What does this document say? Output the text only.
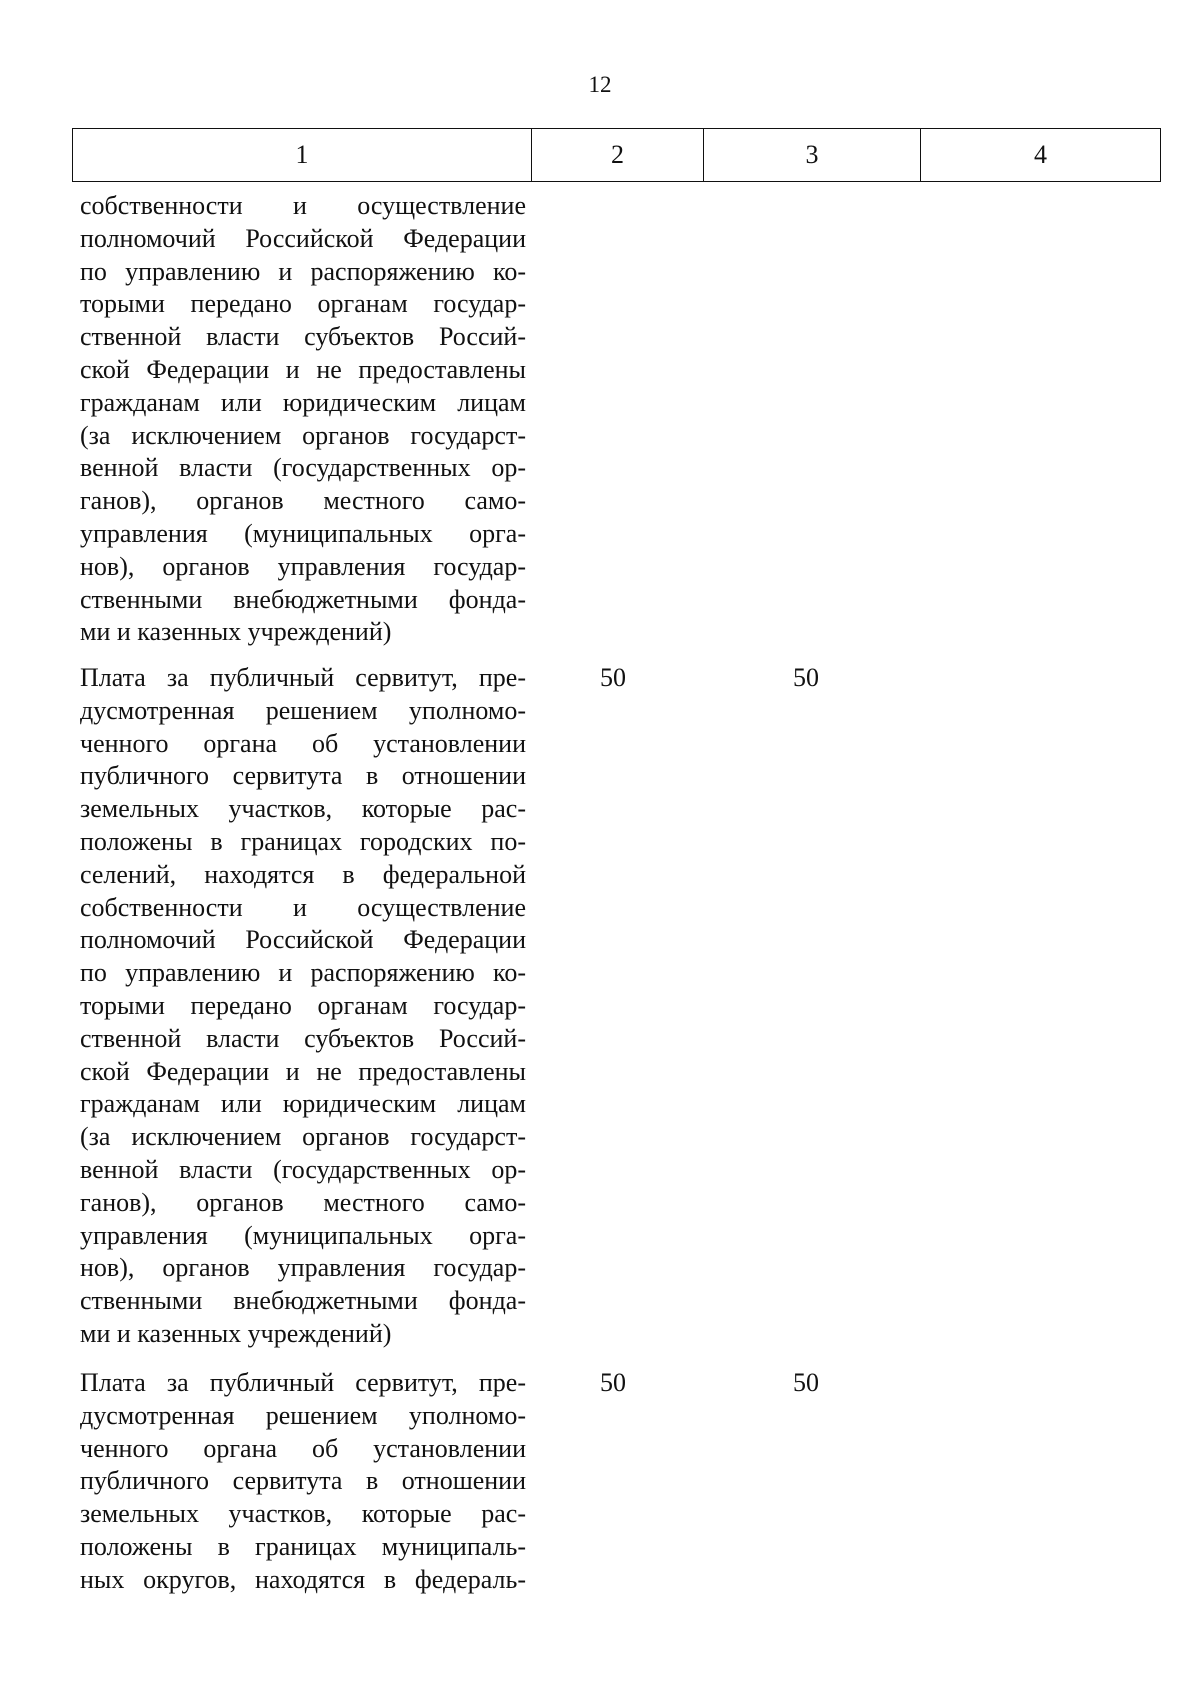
12
1	2	3	4
собственности и осуществление
полномочий Российской Федерации
по управлению и распоряжению ко-
торыми передано органам государ-
ственной власти субъектов Россий-
ской Федерации и не предоставлены
гражданам или юридическим лицам
(за исключением органов государст-
венной власти (государственных ор-
ганов), органов местного само-
управления (муниципальных орга-
нов), органов управления государ-
ственными внебюджетными фонда-
ми и казенных учреждений)
Плата за публичный сервитут, пре-
дусмотренная решением уполномо-
ченного органа об установлении
публичного сервитута в отношении
земельных участков, которые рас-
положены в границах городских по-
селений, находятся в федеральной
собственности и осуществление
полномочий Российской Федерации
по управлению и распоряжению ко-
торыми передано органам государ-
ственной власти субъектов Россий-
ской Федерации и не предоставлены
гражданам или юридическим лицам
(за исключением органов государст-
венной власти (государственных ор-
ганов), органов местного само-
управления (муниципальных орга-
нов), органов управления государ-
ственными внебюджетными фонда-
ми и казенных учреждений)
50	50
Плата за публичный сервитут, пре-
дусмотренная решением уполномо-
ченного органа об установлении
публичного сервитута в отношении
земельных участков, которые рас-
положены в границах муниципаль-
ных округов, находятся в федераль-
50	50
